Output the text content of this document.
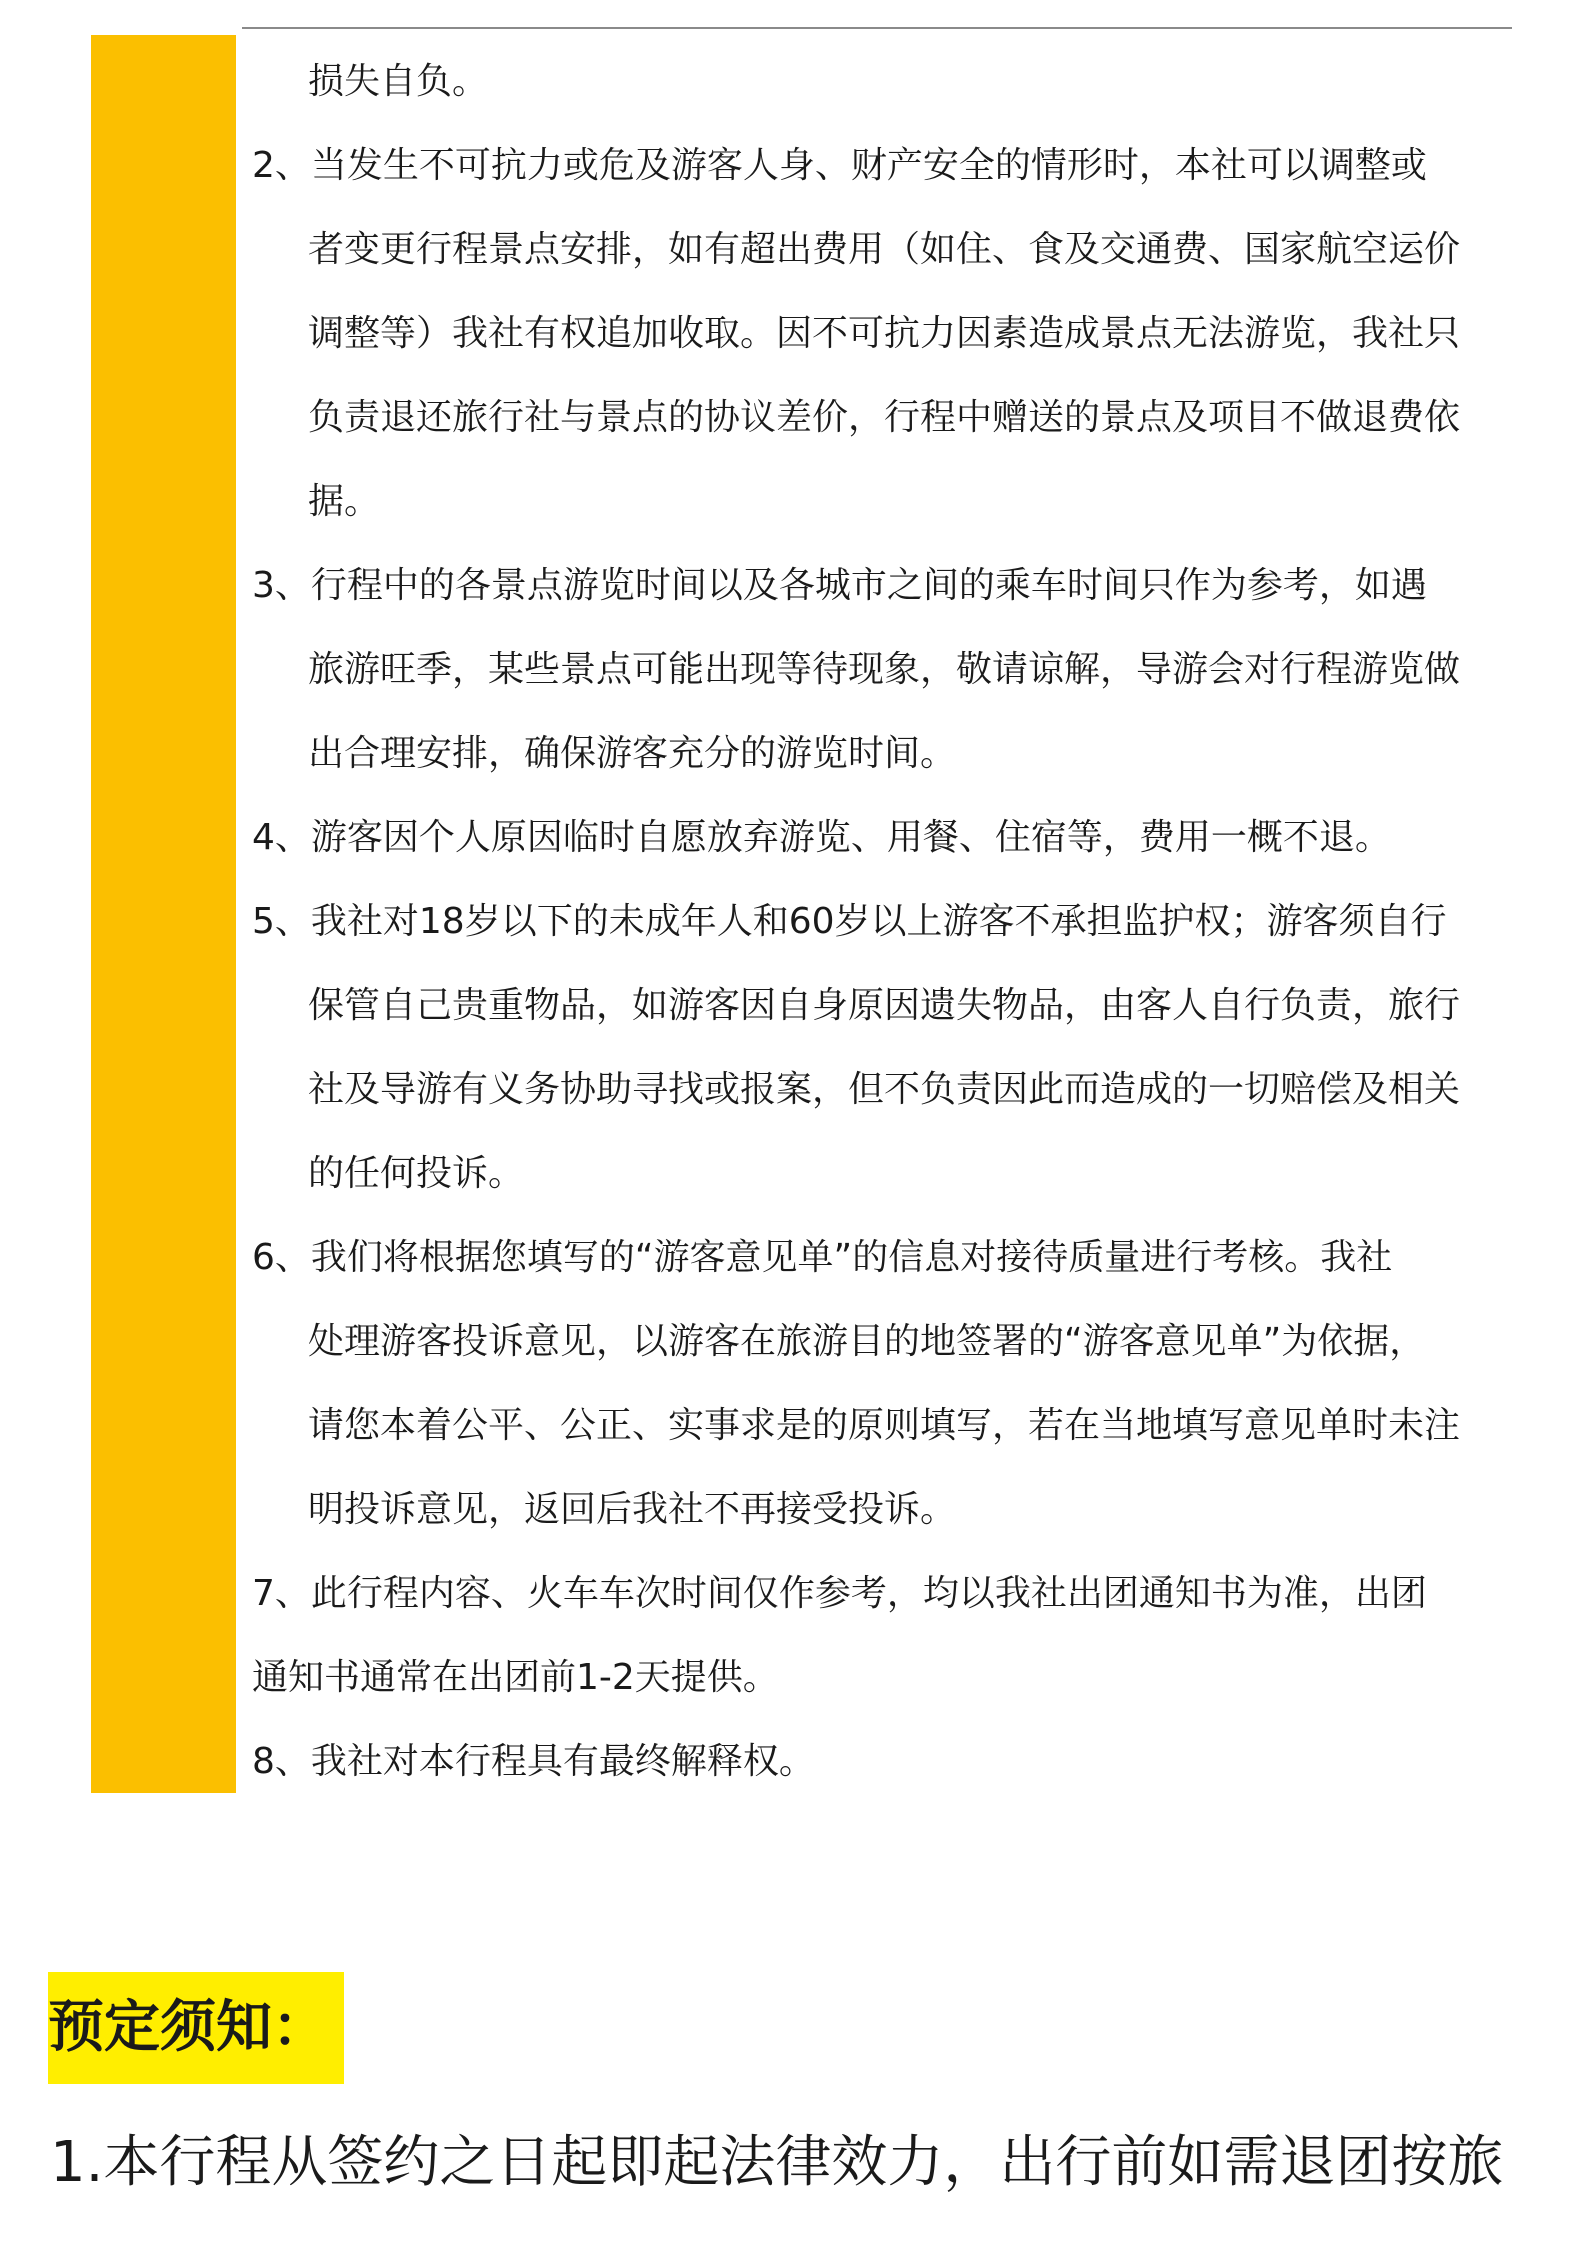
损失自负。
2、当发生不可抗力或危及游客人身、财产安全的情形时，本社可以调整或
者变更行程景点安排，如有超出费用（如住、食及交通费、国家航空运价
调整等）我社有权追加收取。因不可抗力因素造成景点无法游览，我社只
负责退还旅行社与景点的协议差价，行程中赠送的景点及项目不做退费依
据。
3、行程中的各景点游览时间以及各城市之间的乘车时间只作为参考，如遇
旅游旺季，某些景点可能出现等待现象，敬请谅解，导游会对行程游览做
出合理安排，确保游客充分的游览时间。
4、游客因个人原因临时自愿放弃游览、用餐、住宿等，费用一概不退。
5、我社对18岁以下的未成年人和60岁以上游客不承担监护权；游客须自行
保管自己贵重物品，如游客因自身原因遗失物品，由客人自行负责，旅行
社及导游有义务协助寻找或报案，但不负责因此而造成的一切赔偿及相关
的任何投诉。
6、我们将根据您填写的“游客意见单”的信息对接待质量进行考核。我社
处理游客投诉意见，以游客在旅游目的地签署的“游客意见单”为依据，
请您本着公平、公正、实事求是的原则填写，若在当地填写意见单时未注
明投诉意见，返回后我社不再接受投诉。
7、此行程内容、火车车次时间仅作参考，均以我社出团通知书为准，出团
通知书通常在出团前1-2天提供。
8、我社对本行程具有最终解释权。
预定须知：
1.本行程从签约之日起即起法律效力，出行前如需退团按旅
